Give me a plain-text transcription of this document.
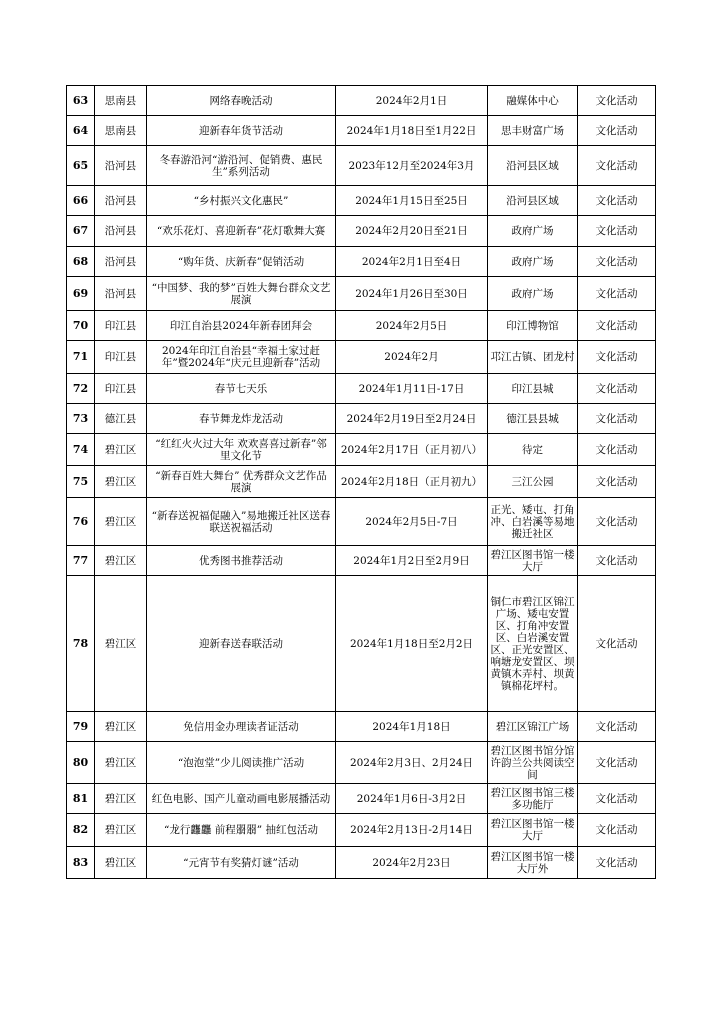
63	思南县	网络春晚活动	2024年2月1日	融媒体中心	文化活动
64	思南县	迎新春年货节活动	2024年1月18日至1月22日	思丰财富广场	文化活动
65	沿河县	冬春游沿河“游沿河、促销费、惠民生”系列活动	2023年12月至2024年3月	沿河县区域	文化活动
66	沿河县	“乡村振兴文化惠民”	2024年1月15日至25日	沿河县区域	文化活动
67	沿河县	“欢乐花灯、喜迎新春”花灯歌舞大赛	2024年2月20日至21日	政府广场	文化活动
68	沿河县	“购年货、庆新春”促销活动	2024年2月1日至4日	政府广场	文化活动
69	沿河县	“中国梦、我的梦”百姓大舞台群众文艺展演	2024年1月26日至30日	政府广场	文化活动
70	印江县	印江自治县2024年新春团拜会	2024年2月5日	印江博物馆	文化活动
71	印江县	2024年印江自治县“幸福土家过赶年”暨2024年“庆元旦迎新春”活动	2024年2月	邛江古镇、团龙村	文化活动
72	印江县	春节七天乐	2024年1月11日-17日	印江县城	文化活动
73	德江县	春节舞龙炸龙活动	2024年2月19日至2月24日	德江县县城	文化活动
74	碧江区	“红红火火过大年 欢欢喜喜过新春”邻里文化节	2024年2月17日（正月初八）	待定	文化活动
75	碧江区	“新春百姓大舞台” 优秀群众文艺作品展演	2024年2月18日（正月初九）	三江公园	文化活动
76	碧江区	“新春送祝福促融入”易地搬迁社区送春联送祝福活动	2024年2月5日-7日	正光、矮屯、打角冲、白岩溪等易地搬迁社区	文化活动
77	碧江区	优秀图书推荐活动	2024年1月2日至2月9日	碧江区图书馆一楼大厅	文化活动
78	碧江区	迎新春送春联活动	2024年1月18日至2月2日	铜仁市碧江区锦江广场、矮屯安置区、打角冲安置区、白岩溪安置区、正光安置区、响塘龙安置区、坝黄镇木弄村、坝黄镇棉花坪村。	文化活动
79	碧江区	免信用金办理读者证活动	2024年1月18日	碧江区锦江广场	文化活动
80	碧江区	“泡泡堂”少儿阅读推广活动	2024年2月3日、2月24日	碧江区图书馆分馆许韵兰公共阅读空间	文化活动
81	碧江区	红色电影、国产儿童动画电影展播活动	2024年1月6日-3月2日	碧江区图书馆三楼多功能厅	文化活动
82	碧江区	“龙行龘龘 前程朤朤” 抽红包活动	2024年2月13日-2月14日	碧江区图书馆一楼大厅	文化活动
83	碧江区	“元宵节有奖猜灯谜”活动	2024年2月23日	碧江区图书馆一楼大厅外	文化活动
